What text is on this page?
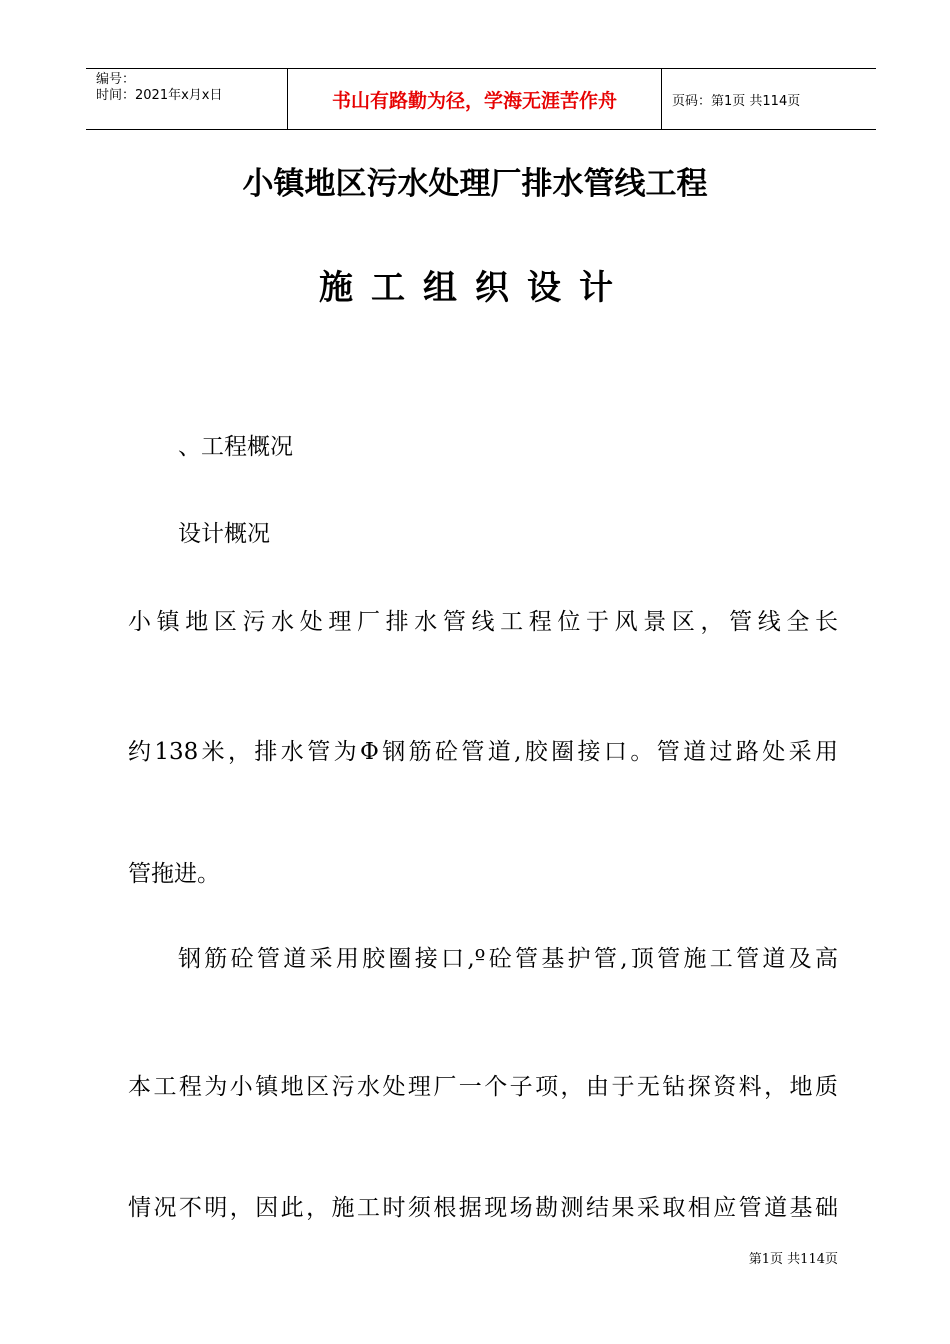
编号：
时间：2021年x月x日	书山有路勤为径，学海无涯苦作舟	页码：第1页 共114页
小镇地区污水处理厂排水管线工程
施工组织设计
、工程概况
设计概况
小镇地区污水处理厂排水管线工程位于风景区，管线全长
约138米，排水管为Φ钢筋砼管道,胶圈接口。管道过路处采用
管拖进。
钢筋砼管道采用胶圈接口,º砼管基护管,顶管施工管道及高
本工程为小镇地区污水处理厂一个子项，由于无钻探资料，地质
情况不明，因此，施工时须根据现场勘测结果采取相应管道基础
第1页 共114页
